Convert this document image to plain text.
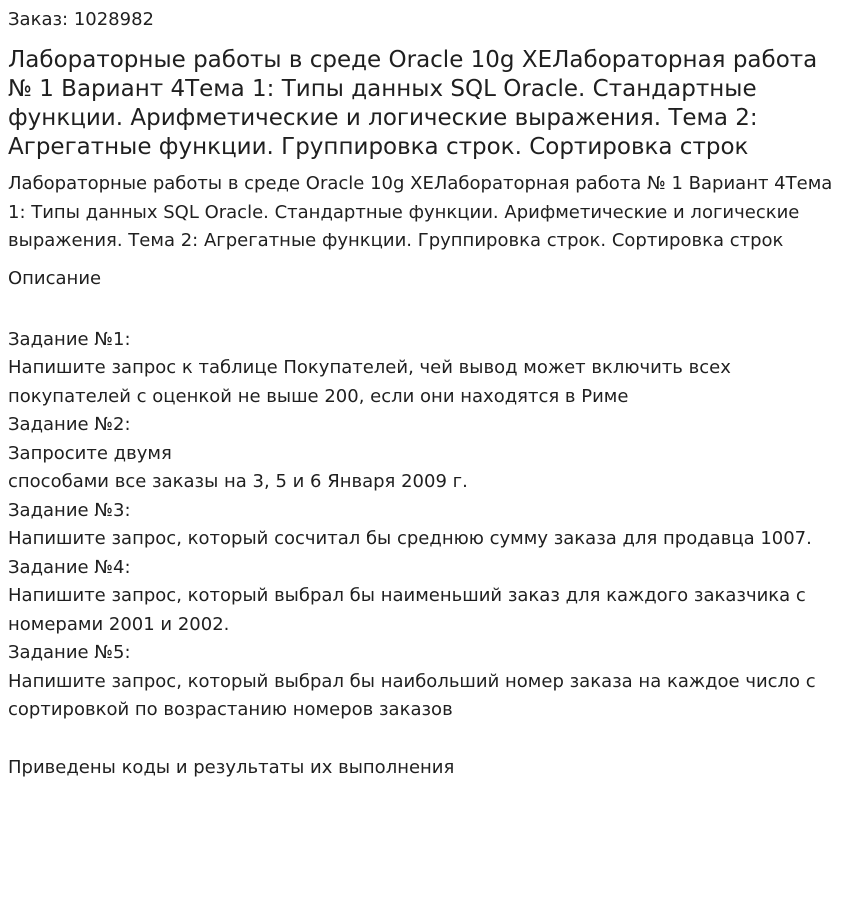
Заказ: 1028982
Лабораторные работы в среде Oracle 10g XEЛабораторная работа № 1 Вариант 4Тема 1: Типы данных SQL Oracle. Стандартные функции. Арифметические и логические выражения. Тема 2: Агрегатные функции. Группировка строк. Сортировка строк
Лабораторные работы в среде Oracle 10g XEЛабораторная работа № 1 Вариант 4Тема 1: Типы данных SQL Oracle. Стандартные функции. Арифметические и логические выражения. Тема 2: Агрегатные функции. Группировка строк. Сортировка строк
Описание

Задание №1:

Напишите запрос к таблице Покупателей, чей вывод может включить всех покупателей с оценкой не выше 200, если они находятся в Риме

Задание №2:

Запросите двумя

способами все заказы на 3, 5 и 6 Января 2009 г.

Задание №3:

Напишите запрос, который сосчитал бы среднюю сумму заказа для продавца 1007.

Задание №4:

Напишите запрос, который выбрал бы наименьший заказ для каждого заказчика с номерами 2001 и 2002.

Задание №5:

Напишите запрос, который выбрал бы наибольший номер заказа на каждое число с сортировкой по возрастанию номеров заказов

Приведены коды и результаты их выполнения
